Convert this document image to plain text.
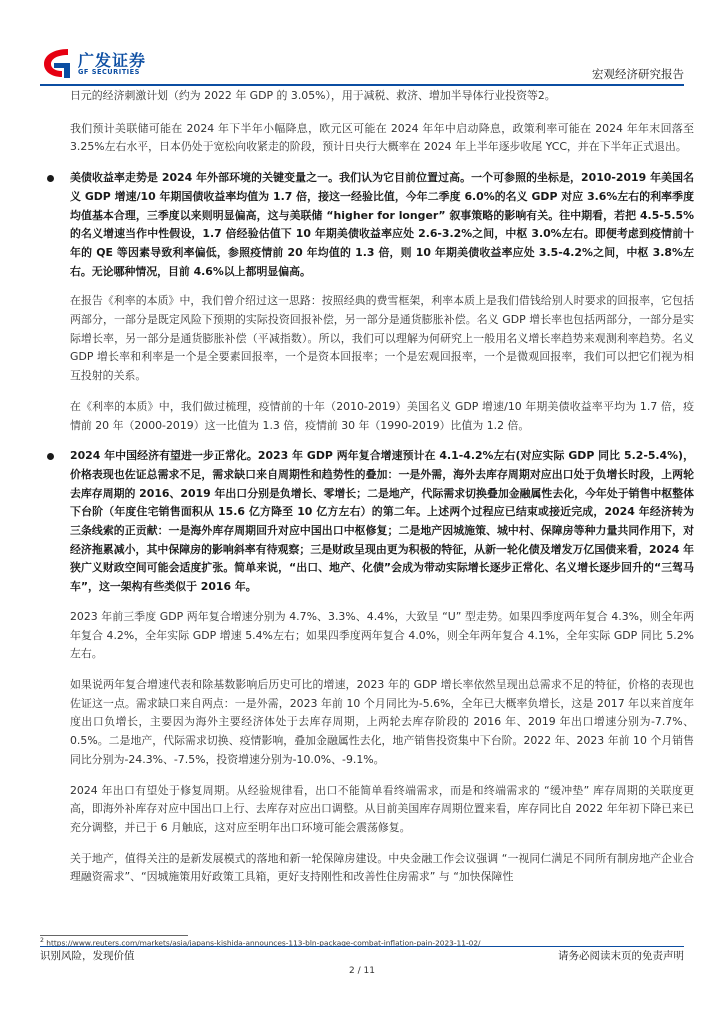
广发证券
GF SECURITIES	宏观经济研究报告

日元的经济刺激计划（约为 2022 年 GDP 的 3.05%），用于减税、救济、增加半导体行业投资等2。

我们预计美联储可能在 2024 年下半年小幅降息，欧元区可能在 2024 年年中启动降息，政策利率可能在 2024 年年末回落至 3.25%左右水平，日本仍处于宽松向收紧走的阶段，预计日央行大概率在 2024 年上半年逐步收尾 YCC，并在下半年正式退出。

美债收益率走势是 2024 年外部环境的关键变量之一。我们认为它目前位置过高。一个可参照的坐标是，2010-2019 年美国名义 GDP 增速/10 年期国债收益率均值为 1.7 倍，接这一经验比值，今年二季度 6.0%的名义 GDP 对应 3.6%左右的利率季度均值基本合理，三季度以来则明显偏高，这与美联储 “higher for longer” 叙事策略的影响有关。往中期看，若把 4.5-5.5%的名义增速当作中性假设，1.7 倍经验估值下 10 年期美债收益率应处 2.6-3.2%之间，中枢 3.0%左右。即便考虑到疫情前十年的 QE 等因素导致利率偏低，参照疫情前 20 年均值的 1.3 倍，则 10 年期美债收益率应处 3.5-4.2%之间，中枢 3.8%左右。无论哪种情况，目前 4.6%以上都明显偏高。

在报告《利率的本质》中，我们曾介绍过这一思路：按照经典的费雪框架，利率本质上是我们借钱给别人时要求的回报率，它包括两部分，一部分是既定风险下预期的实际投资回报补偿，另一部分是通货膨胀补偿。名义 GDP 增长率也包括两部分，一部分是实际增长率，另一部分是通货膨胀补偿（平减指数）。所以，我们可以理解为何研究上一般用名义增长率趋势来观测利率趋势。名义 GDP 增长率和利率是一个是全要素回报率，一个是资本回报率；一个是宏观回报率，一个是微观回报率，我们可以把它们视为相互投射的关系。

在《利率的本质》中，我们做过梳理，疫情前的十年（2010-2019）美国名义 GDP 增速/10 年期美债收益率平均为 1.7 倍，疫情前 20 年（2000-2019）这一比值为 1.3 倍，疫情前 30 年（1990-2019）比值为 1.2 倍。

2024 年中国经济有望进一步正常化。2023 年 GDP 两年复合增速预计在 4.1-4.2%左右(对应实际 GDP 同比 5.2-5.4%)，价格表现也佐证总需求不足，需求缺口来自周期性和趋势性的叠加：一是外需，海外去库存周期对应出口处于负增长时段，上两轮去库存周期的 2016、2019 年出口分别是负增长、零增长；二是地产，代际需求切换叠加金融属性去化，今年处于销售中枢整体下台阶（年度住宅销售面积从 15.6 亿方降至 10 亿方左右）的第二年。上述两个过程应已结束或接近完成，2024 年经济转为三条线索的正贡献：一是海外库存周期回升对应中国出口中枢修复；二是地产因城施策、城中村、保障房等种力量共同作用下，对经济拖累减小，其中保障房的影响斜率有待观察；三是财政呈现由更为积极的特征，从新一轮化债及增发万亿国债来看，2024 年狭广义财政空间可能会适度扩张。简单来说，“出口、地产、化债”会成为带动实际增长逐步正常化、名义增长逐步回升的“三驾马车”，这一架构有些类似于 2016 年。

2023 年前三季度 GDP 两年复合增速分别为 4.7%、3.3%、4.4%，大致呈 “U” 型走势。如果四季度两年复合 4.3%，则全年两年复合 4.2%，全年实际 GDP 增速 5.4%左右；如果四季度两年复合 4.0%，则全年两年复合 4.1%，全年实际 GDP 同比 5.2%左右。

如果说两年复合增速代表和除基数影响后历史可比的增速，2023 年的 GDP 增长率依然呈现出总需求不足的特征，价格的表现也佐证这一点。需求缺口来自两点：一是外需，2023 年前 10 个月同比为-5.6%，全年已大概率负增长，这是 2017 年以来首度年度出口负增长，主要因为海外主要经济体处于去库存周期，上两轮去库存阶段的 2016 年、2019 年出口增速分别为-7.7%、0.5%。二是地产，代际需求切换、疫情影响，叠加金融属性去化，地产销售投资集中下台阶。2022 年、2023 年前 10 个月销售同比分别为-24.3%、-7.5%，投资增速分别为-10.0%、-9.1%。

2024 年出口有望处于修复周期。从经验规律看，出口不能简单看终端需求，而是和终端需求的 “缓冲垫” 库存周期的关联度更高，即海外补库存对应中国出口上行、去库存对应出口调整。从目前美国库存周期位置来看，库存同比自 2022 年年初下降已来已充分调整，并已于 6 月触底，这对应至明年出口环境可能会震荡修复。

关于地产，值得关注的是新发展模式的落地和新一轮保障房建设。中央金融工作会议强调 “一视同仁满足不同所有制房地产企业合理融资需求”、“因城施策用好政策工具箱，更好支持刚性和改善性住房需求” 与 “加快保障性

$^2$ https://www.reuters.com/markets/asia/japans-kishida-announces-113-bln-package-combat-inflation-pain-2023-11-02/
识别风险，发现价值	请务必阅读末页的免责声明
2 / 11
